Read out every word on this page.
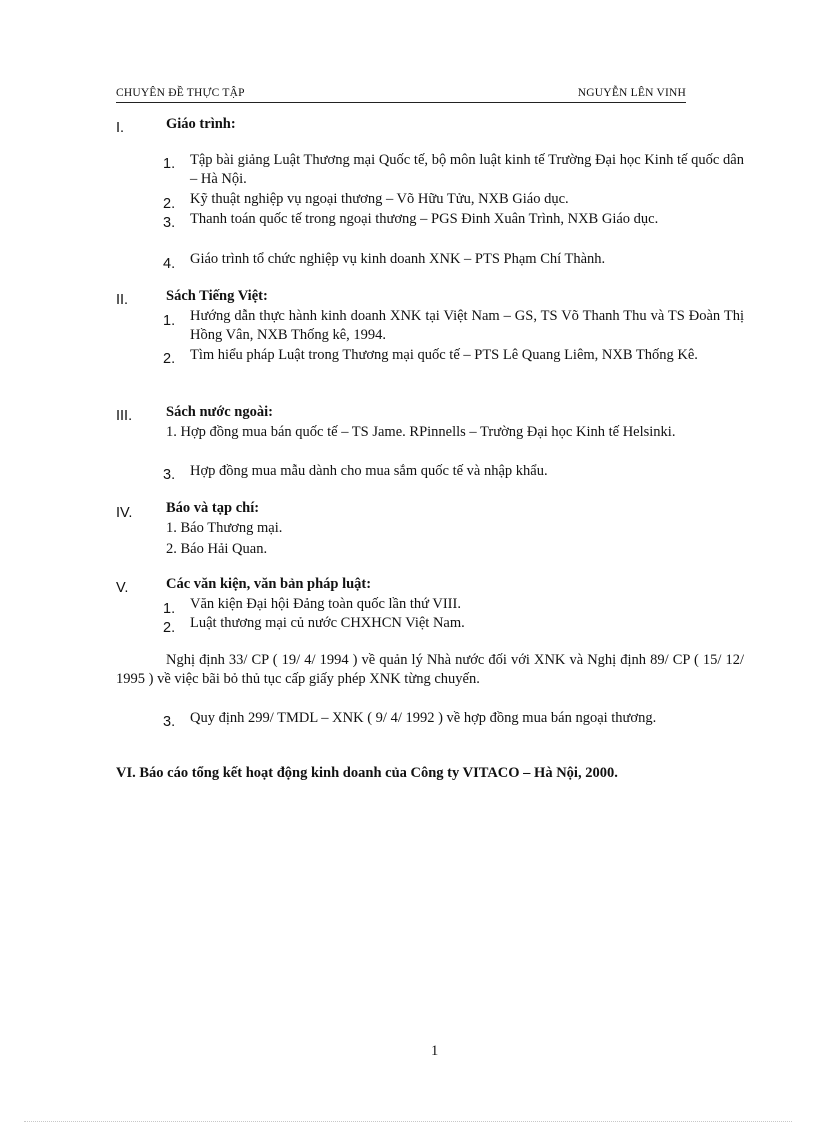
CHUYÊN ĐỀ THỰC TẬP	NGUYỄN LÊN VINH
I.	Giáo trình:
1. Tập bài giảng Luật Thương mại Quốc tế, bộ môn luật kinh tế Trường Đại học Kinh tế quốc dân – Hà Nội.
2. Kỹ thuật nghiệp vụ ngoại thương – Võ Hữu Tửu, NXB Giáo dục.
3. Thanh toán quốc tế trong ngoại thương – PGS Đinh Xuân Trình, NXB Giáo dục.
4. Giáo trình tổ chức nghiệp vụ kinh doanh XNK – PTS Phạm Chí Thành.
II.	Sách Tiếng Việt:
1. Hướng dẫn thực hành kinh doanh XNK tại Việt Nam – GS, TS Võ Thanh Thu và TS Đoàn Thị Hồng Vân, NXB Thống kê, 1994.
2. Tìm hiểu pháp Luật trong Thương mại quốc tế – PTS Lê Quang Liêm, NXB Thống Kê.
III. Sách nước ngoài:
1. Hợp đồng mua bán quốc tế – TS Jame. RPinnells – Trường Đại học Kinh tế Helsinki.
3. Hợp đồng mua mẫu dành cho mua sắm quốc tế và nhập khẩu.
IV. Báo và tạp chí:
1. Báo Thương mại.
2. Báo Hải Quan.
V.	Các văn kiện, văn bản pháp luật:
1. Văn kiện Đại hội Đảng toàn quốc lần thứ VIII.
2. Luật thương mại củ nước CHXHCN Việt Nam.
Nghị định 33/ CP ( 19/ 4/ 1994 ) về quản lý Nhà nước đối với XNK và Nghị định 89/ CP ( 15/ 12/ 1995 ) về việc bãi bỏ thủ tục cấp giấy phép XNK từng chuyến.
3. Quy định 299/ TMDL – XNK ( 9/ 4/ 1992 ) về hợp đồng mua bán ngoại thương.
VI. Báo cáo tổng kết hoạt động kinh doanh của Công ty VITACO – Hà Nội, 2000.
1
